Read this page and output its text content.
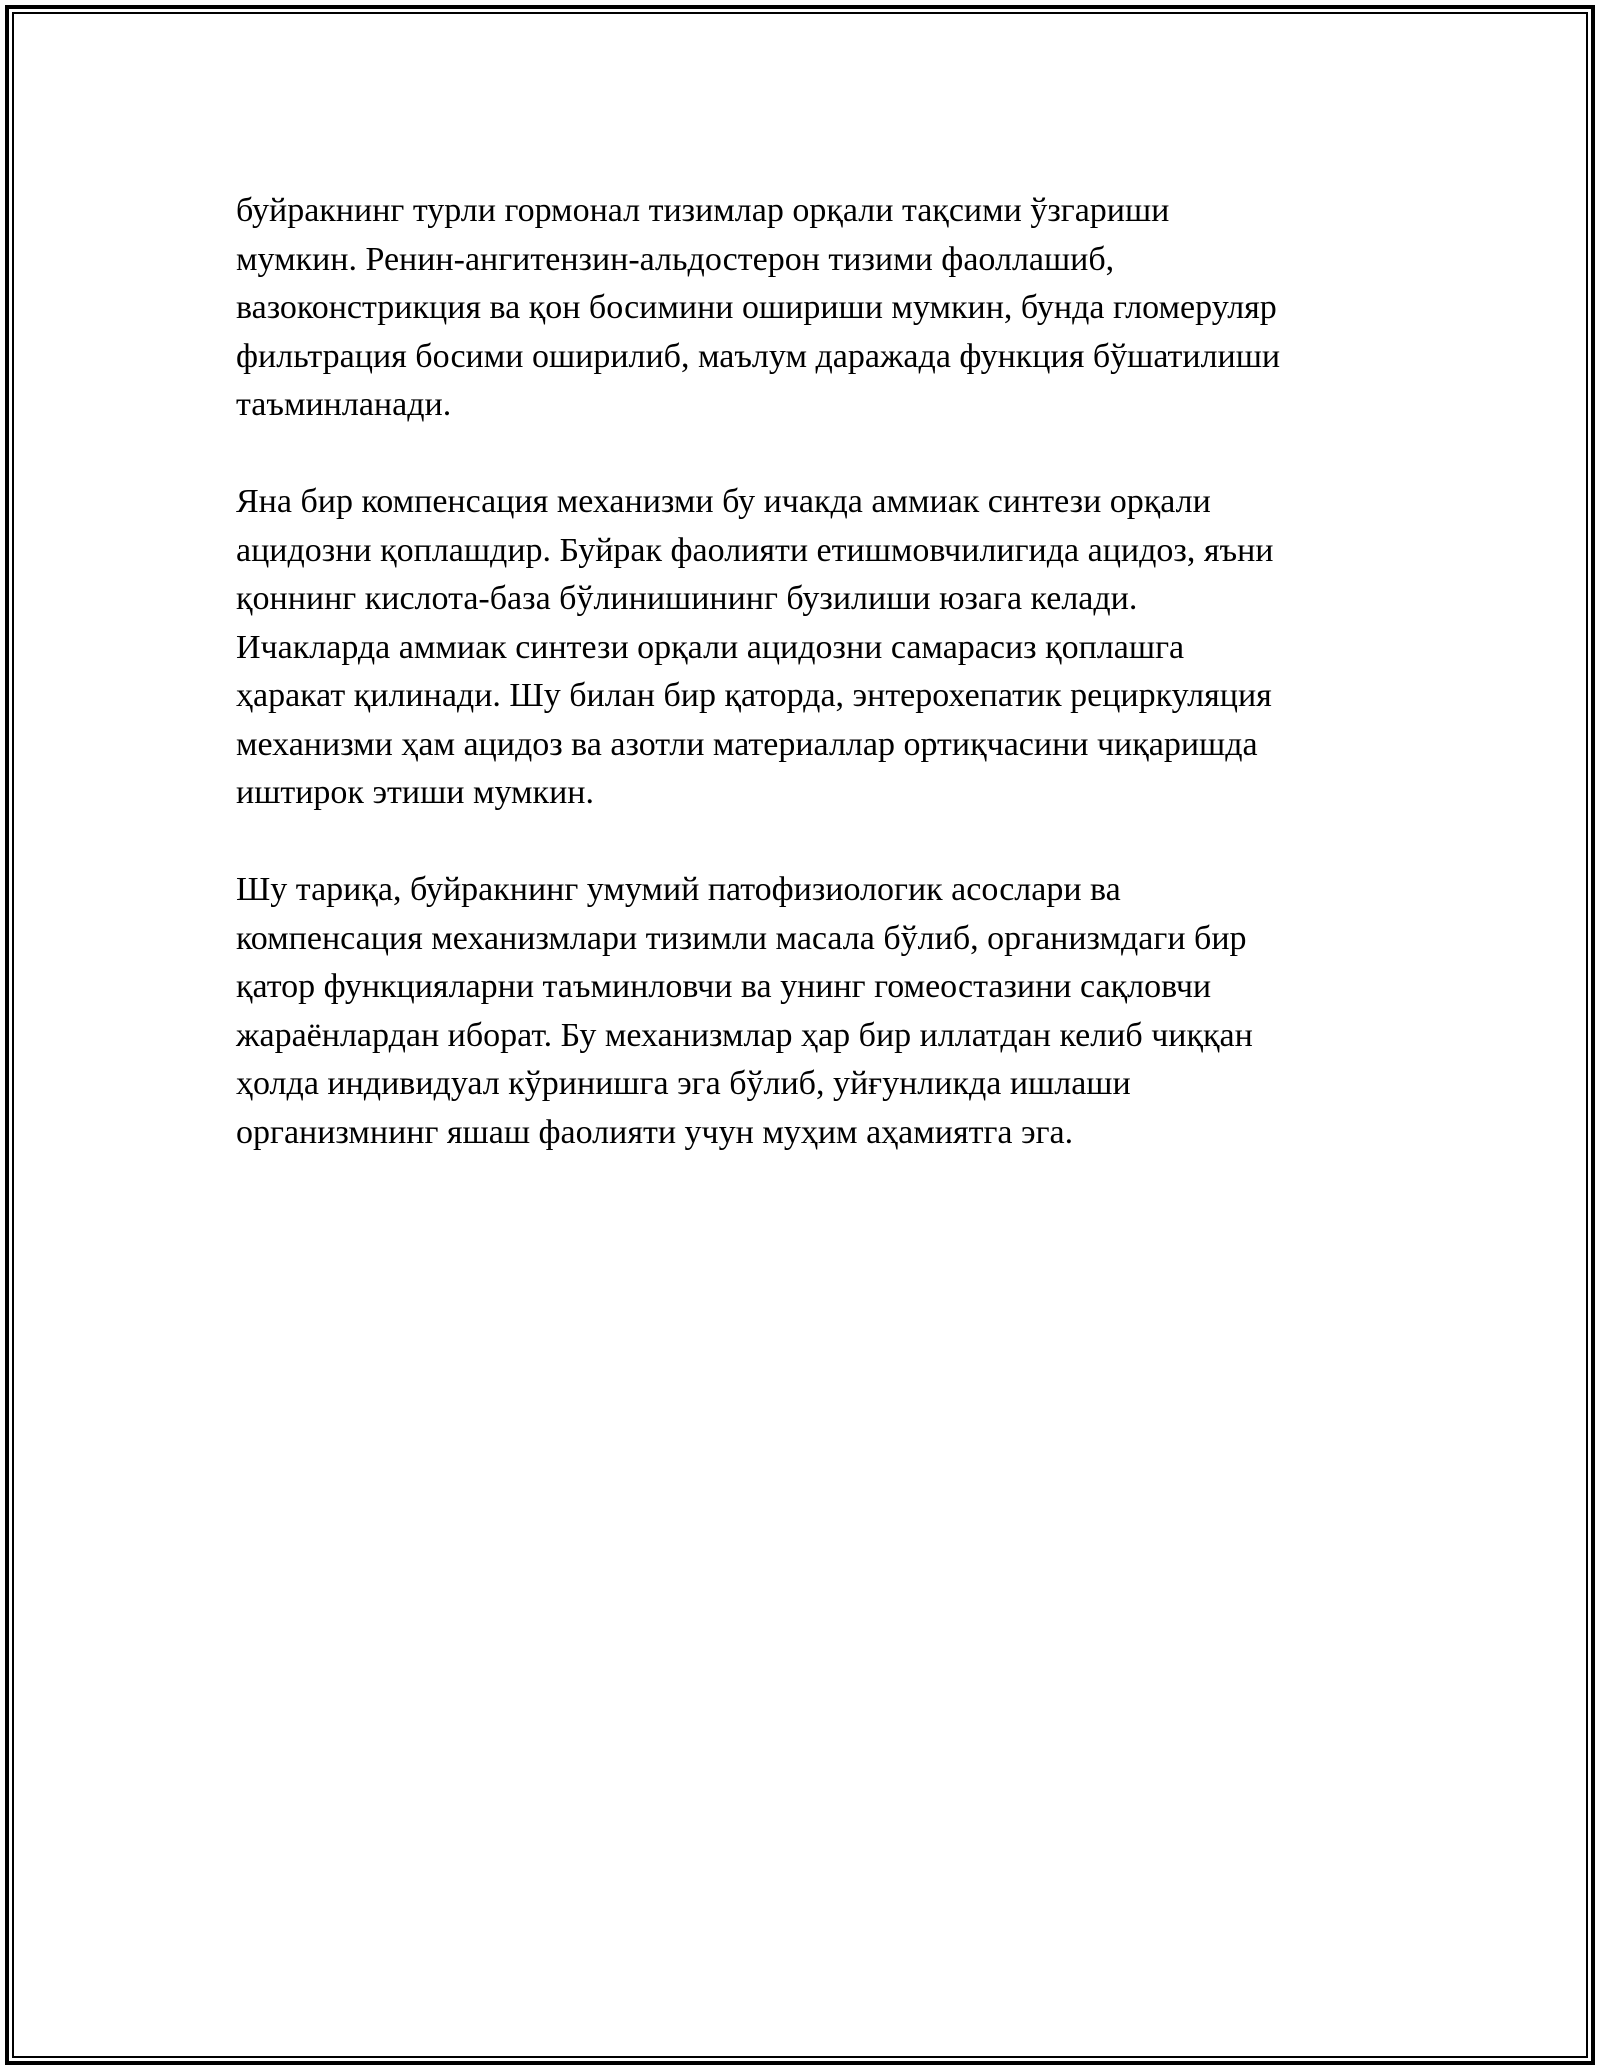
буйракнинг турли гормонал тизимлар орқали тақсими ўзгариши
мумкин. Ренин-ангитензин-альдостерон тизими фаоллашиб,
вазоконстрикция ва қон босимини ошириши мумкин, бунда гломеруляр
фильтрация босими оширилиб, маълум даражада функция бўшатилиши
таъминланади.

Яна бир компенсация механизми бу ичакда аммиак синтези орқали
ацидозни қоплашдир. Буйрак фаолияти етишмовчилигида ацидоз, яъни
қоннинг кислота-база бўлинишининг бузилиши юзага келади.
Ичакларда аммиак синтези орқали ацидозни самарасиз қоплашга
ҳаракат қилинади. Шу билан бир қаторда, энтерохепатик рециркуляция
механизми ҳам ацидоз ва азотли материаллар ортиқчасини чиқаришда
иштирок этиши мумкин.

Шу тариқа, буйракнинг умумий патофизиологик асослари ва
компенсация механизмлари тизимли масала бўлиб, организмдаги бир
қатор функцияларни таъминловчи ва унинг гомеостазини сақловчи
жараёнлардан иборат. Бу механизмлар ҳар бир иллатдан келиб чиққан
ҳолда индивидуал кўринишга эга бўлиб, уйғунликда ишлаши
организмнинг яшаш фаолияти учун муҳим аҳамиятга эга.
